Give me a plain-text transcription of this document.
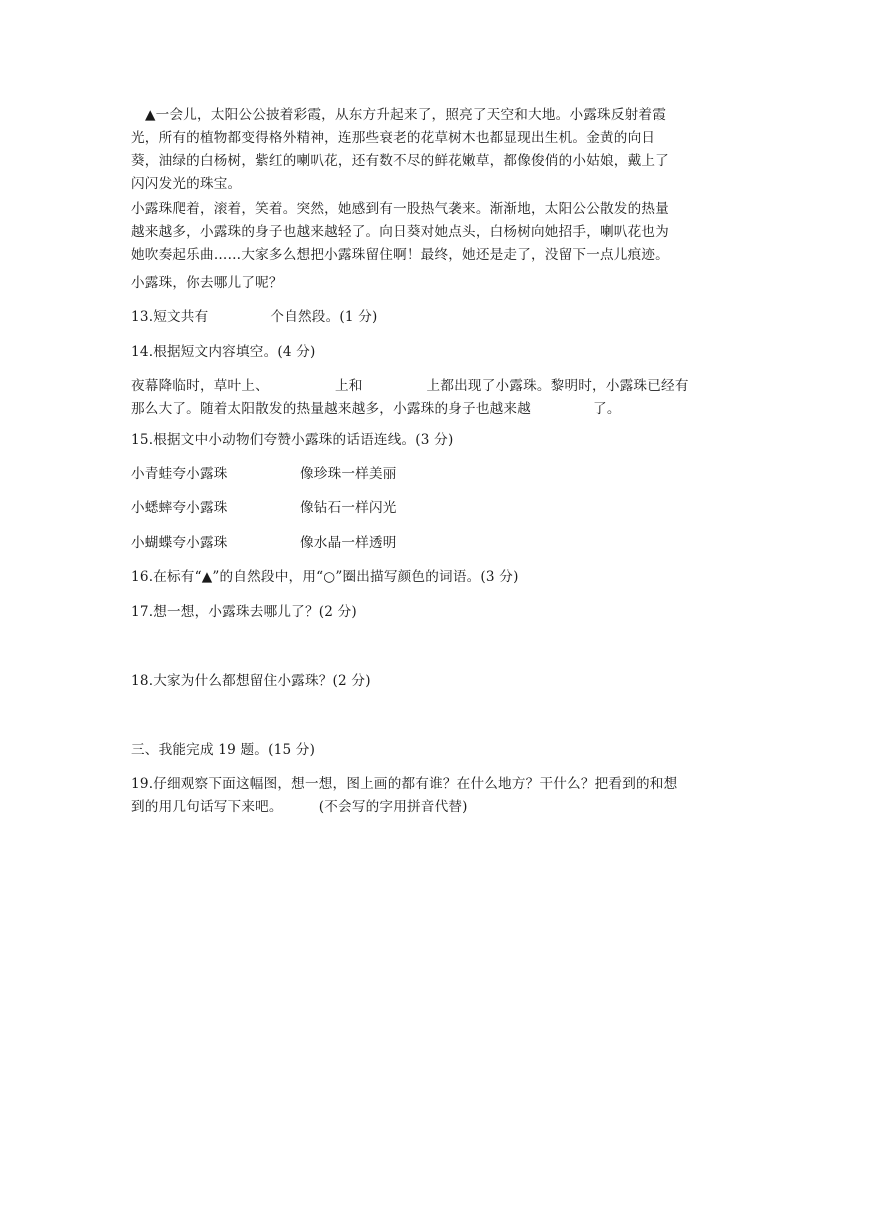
▲一会儿，太阳公公披着彩霞，从东方升起来了，照亮了天空和大地。小露珠反射着霞
光，所有的植物都变得格外精神，连那些衰老的花草树木也都显现出生机。金黄的向日
葵，油绿的白杨树，紫红的喇叭花，还有数不尽的鲜花嫩草，都像俊俏的小姑娘，戴上了
闪闪发光的珠宝。
小露珠爬着，滚着，笑着。突然，她感到有一股热气袭来。渐渐地，太阳公公散发的热量
越来越多，小露珠的身子也越来越轻了。向日葵对她点头，白杨树向她招手，喇叭花也为
她吹奏起乐曲……大家多么想把小露珠留住啊！最终，她还是走了，没留下一点儿痕迹。
小露珠，你去哪儿了呢？
13.短文共有	个自然段。(1 分)
14.根据短文内容填空。(4 分)
夜幕降临时，草叶上、	上和	上都出现了小露珠。黎明时，小露珠已经有
那么大了。随着太阳散发的热量越来越多，小露珠的身子也越来越	了。
15.根据文中小动物们夸赞小露珠的话语连线。(3 分)
小青蛙夸小露珠	像珍珠一样美丽
小蟋蟀夸小露珠	像钻石一样闪光
小蝴蝶夸小露珠	像水晶一样透明
16.在标有“▲”的自然段中，用“○”圈出描写颜色的词语。(3 分)
17.想一想，小露珠去哪儿了？(2 分)
18.大家为什么都想留住小露珠？(2 分)
三、我能完成 19 题。(15 分)
19.仔细观察下面这幅图，想一想，图上画的都有谁？在什么地方？干什么？把看到的和想
到的用几句话写下来吧。	(不会写的字用拼音代替)
